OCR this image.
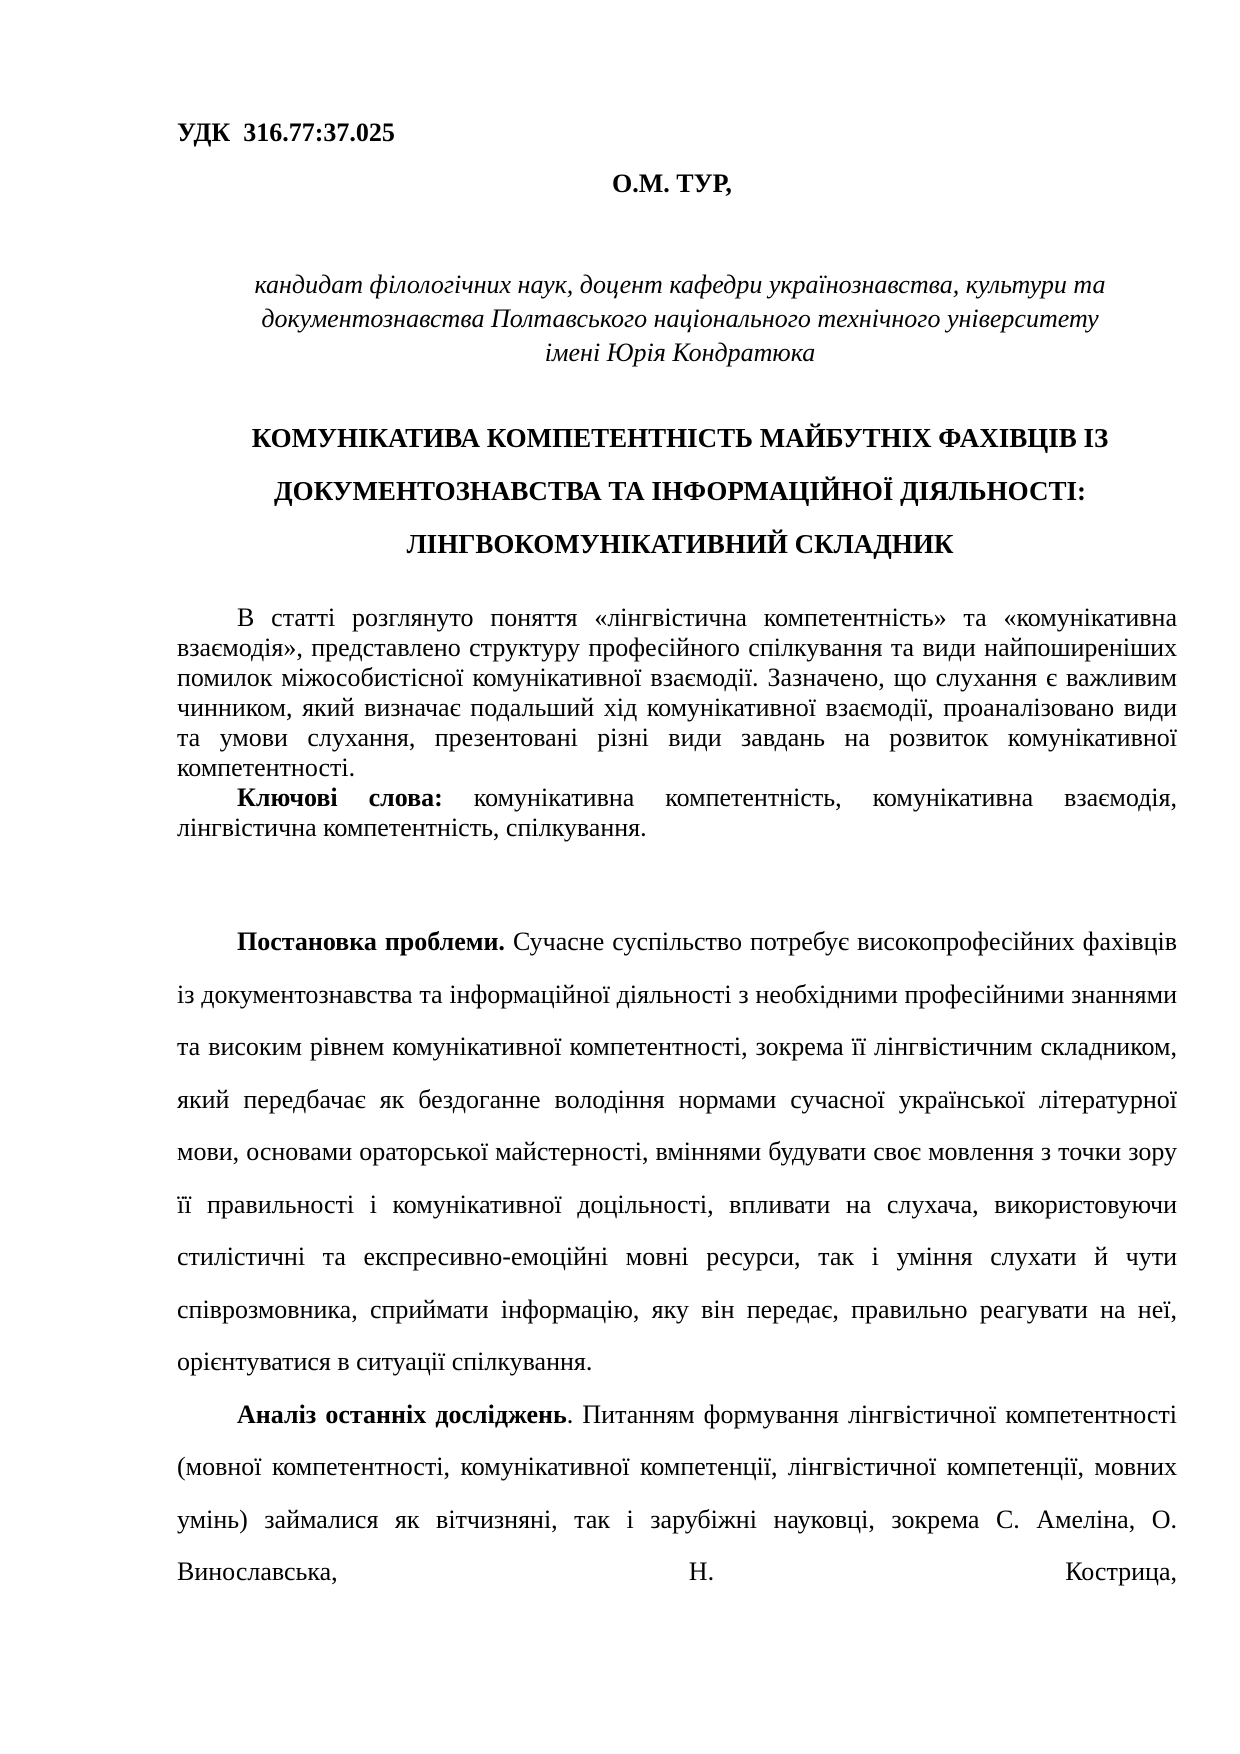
УДК  316.77:37.025
О.М. ТУР,
кандидат філологічних наук, доцент кафедри українознавства, культури та
документознавства Полтавського національного технічного університету
імені Юрія Кондратюка
КОМУНІКАТИВА КОМПЕТЕНТНІСТЬ МАЙБУТНІХ ФАХІВЦІВ ІЗ
ДОКУМЕНТОЗНАВСТВА ТА ІНФОРМАЦІЙНОЇ ДІЯЛЬНОСТІ:
ЛІНГВОКОМУНІКАТИВНИЙ СКЛАДНИК

В статті розглянуто поняття «лінгвістична компетентність» та «комунікативна взаємодія», представлено структуру професійного спілкування та види найпоширеніших помилок міжособистісної комунікативної взаємодії. Зазначено, що слухання є важливим чинником, який визначає подальший хід комунікативної взаємодії, проаналізовано види та умови слухання, презентовані різні види завдань на розвиток комунікативної компетентності.

Ключові слова: комунікативна компетентність, комунікативна взаємодія, лінгвістична компетентність, спілкування.

Постановка проблеми. Сучасне суспільство потребує високопрофесійних фахівців із документознавства та інформаційної діяльності з необхідними професійними знаннями та високим рівнем комунікативної компетентності, зокрема її лінгвістичним складником, який передбачає як бездоганне володіння нормами сучасної української літературної мови, основами ораторської майстерності, вміннями будувати своє мовлення з точки зору її правильності і комунікативної доцільності, впливати на слухача, використовуючи стилістичні та експресивно-емоційні мовні ресурси, так і уміння слухати й чути співрозмовника, сприймати інформацію, яку він передає, правильно реагувати на неї, орієнтуватися в ситуації спілкування.

Аналіз останніх досліджень. Питанням формування лінгвістичної компетентності (мовної компетентності, комунікативної компетенції, лінгвістичної компетенції, мовних умінь) займалися як вітчизняні, так і зарубіжні науковці, зокрема С. Амеліна, О. Винославська, Н. Кострица,
